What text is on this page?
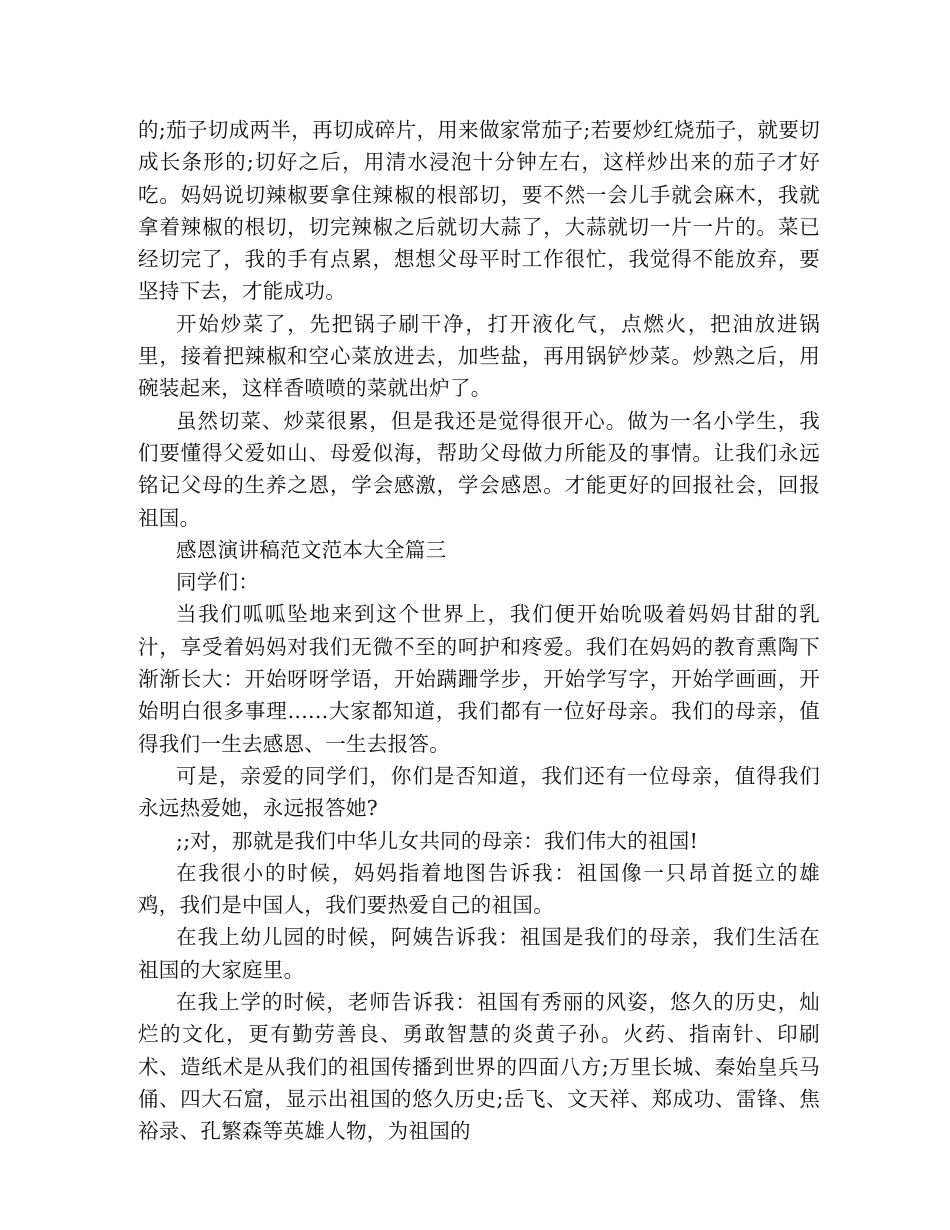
的;茄子切成两半，再切成碎片，用来做家常茄子;若要炒红烧茄子，就要切成长条形的;切好之后，用清水浸泡十分钟左右，这样炒出来的茄子才好吃。妈妈说切辣椒要拿住辣椒的根部切，要不然一会儿手就会麻木，我就拿着辣椒的根切，切完辣椒之后就切大蒜了，大蒜就切一片一片的。菜已经切完了，我的手有点累，想想父母平时工作很忙，我觉得不能放弃，要坚持下去，才能成功。

开始炒菜了，先把锅子刷干净，打开液化气，点燃火，把油放进锅里，接着把辣椒和空心菜放进去，加些盐，再用锅铲炒菜。炒熟之后，用碗装起来，这样香喷喷的菜就出炉了。

虽然切菜、炒菜很累，但是我还是觉得很开心。做为一名小学生，我们要懂得父爱如山、母爱似海，帮助父母做力所能及的事情。让我们永远铭记父母的生养之恩，学会感激，学会感恩。才能更好的回报社会，回报祖国。

感恩演讲稿范文范本大全篇三

同学们：

当我们呱呱坠地来到这个世界上，我们便开始吮吸着妈妈甘甜的乳汁，享受着妈妈对我们无微不至的呵护和疼爱。我们在妈妈的教育熏陶下渐渐长大：开始呀呀学语，开始蹒跚学步，开始学写字，开始学画画，开始明白很多事理......大家都知道，我们都有一位好母亲。我们的母亲，值得我们一生去感恩、一生去报答。

可是，亲爱的同学们，你们是否知道，我们还有一位母亲，值得我们永远热爱她，永远报答她?

;;对，那就是我们中华儿女共同的母亲：我们伟大的祖国!

在我很小的时候，妈妈指着地图告诉我：祖国像一只昂首挺立的雄鸡，我们是中国人，我们要热爱自己的祖国。

在我上幼儿园的时候，阿姨告诉我：祖国是我们的母亲，我们生活在祖国的大家庭里。

在我上学的时候，老师告诉我：祖国有秀丽的风姿，悠久的历史，灿烂的文化，更有勤劳善良、勇敢智慧的炎黄子孙。火药、指南针、印刷术、造纸术是从我们的祖国传播到世界的四面八方;万里长城、秦始皇兵马俑、四大石窟，显示出祖国的悠久历史;岳飞、文天祥、郑成功、雷锋、焦裕录、孔繁森等英雄人物，为祖国的
